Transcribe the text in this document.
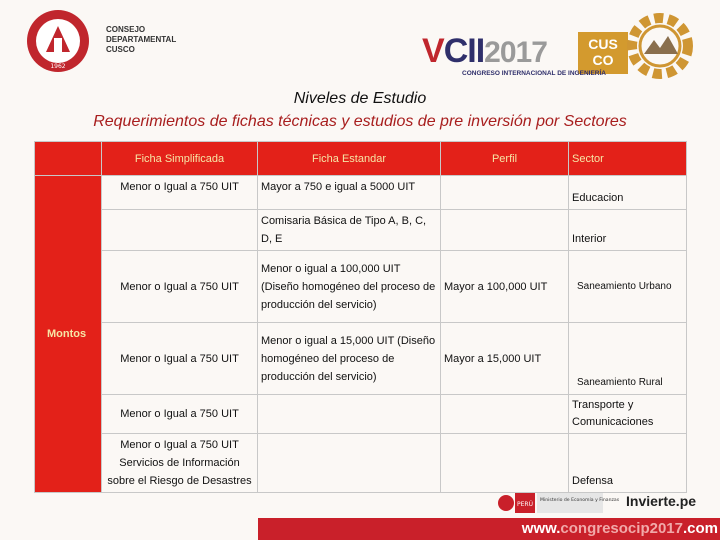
1962
CONSEJO
DEPARTAMENTAL
CUSCO	VCII2017	CUS
CO
CONGRESO INTERNACIONAL DE INGENIERÍA
Niveles de Estudio
Requerimientos de fichas técnicas y estudios de pre inversión por Sectores
	Ficha Simplificada	Ficha Estandar	Perfil	Sector
Montos	Menor o Igual a 750 UIT	Mayor a 750 e igual a 5000 UIT		Educacion
		Comisaria Básica de Tipo A, B, C, D, E		Interior
	Menor o Igual a 750 UIT	Menor o igual a 100,000 UIT (Diseño homogéneo del proceso de producción del servicio)	Mayor a 100,000 UIT	Saneamiento Urbano
	Menor o Igual a 750 UIT	Menor o igual a 15,000 UIT (Diseño homogéneo del proceso de producción del servicio)	Mayor a 15,000 UIT	Saneamiento Rural
	Menor o Igual a 750 UIT			Transporte y Comunicaciones
	Menor o Igual a 750 UIT Servicios de Información sobre el Riesgo de Desastres			Defensa
PERÚ
Ministerio de Economía y Finanzas Invierte.pe
www.congresocip2017.com
